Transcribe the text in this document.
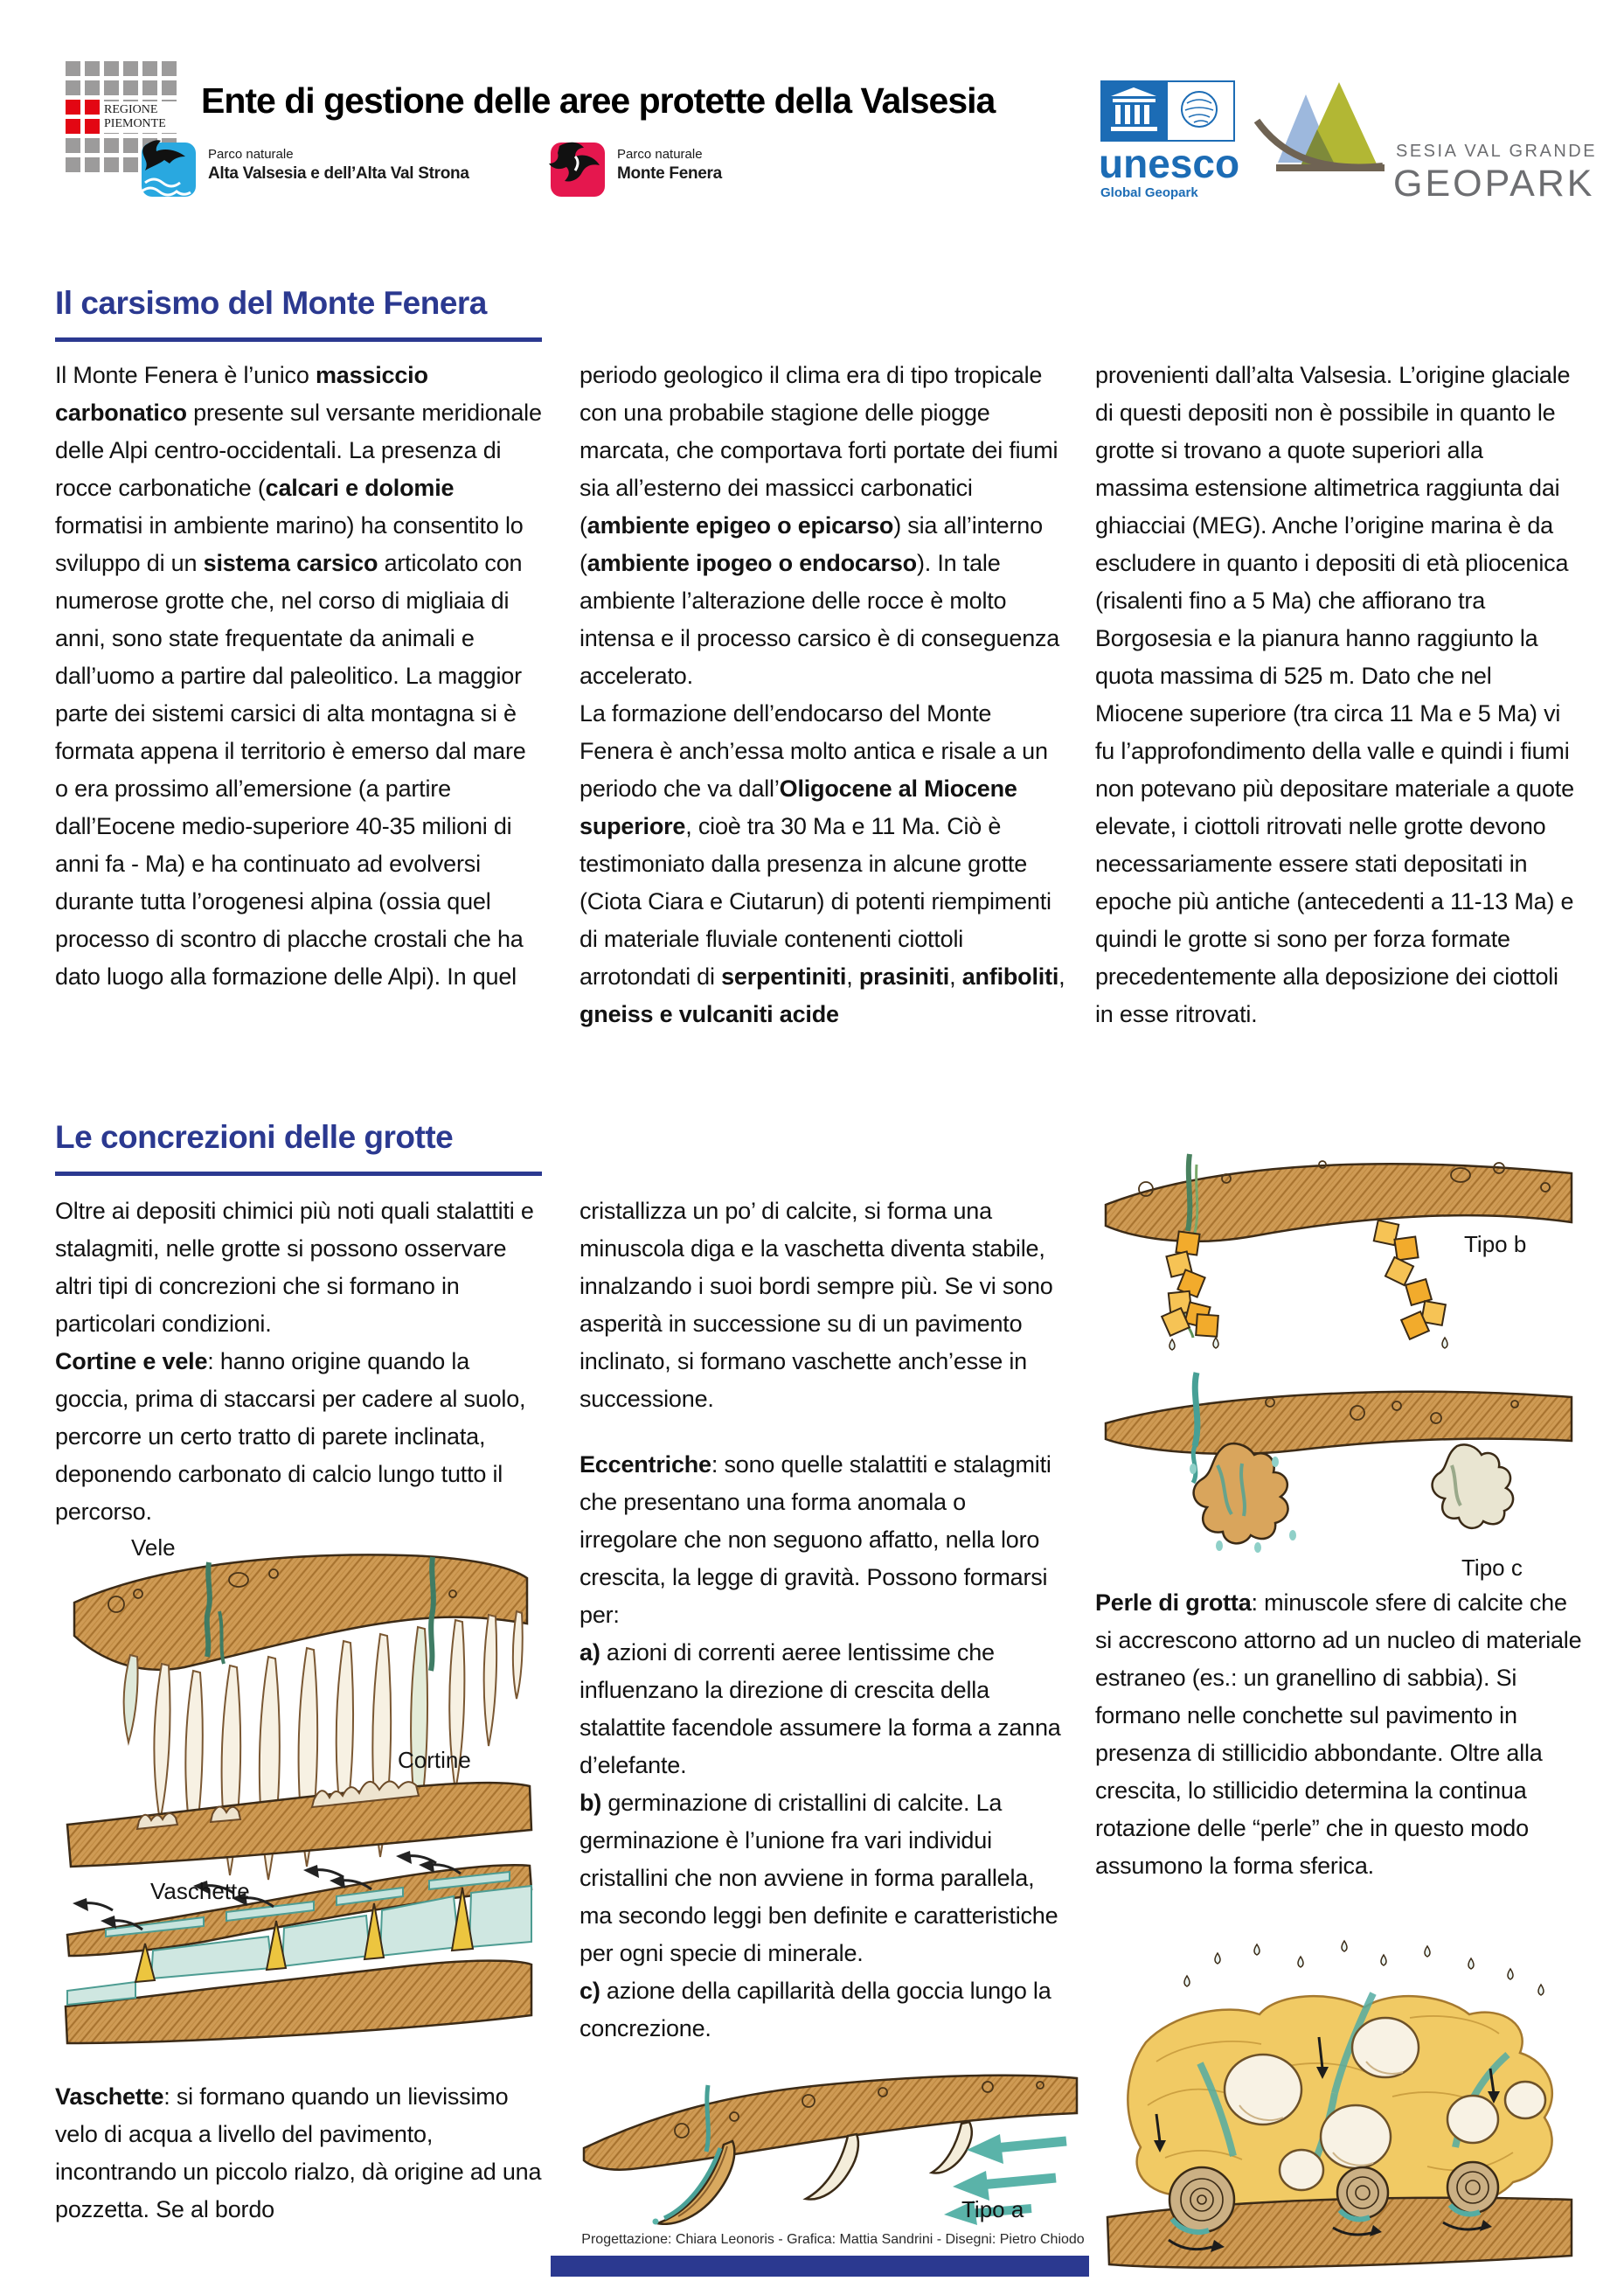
REGIONE
PIEMONTE
Ente di gestione delle aree protette della Valsesia
Parco naturale
Alta Valsesia e dell’Alta Val Strona
Parco naturale
Monte Fenera	unesco
Global Geopark
SESIA VAL GRANDE
GEOPARK
Il carsismo del Monte Fenera
Il Monte Fenera è l’unico massiccio carbonatico presente sul versante meridionale delle Alpi centro-occidentali. La presenza di rocce carbonatiche (calcari e dolomie formatisi in ambiente marino) ha consentito lo sviluppo di un sistema carsico articolato con numerose grotte che, nel corso di migliaia di anni, sono state frequentate da animali e dall’uomo a partire dal paleolitico. La maggior parte dei sistemi carsici di alta montagna si è formata appena il territorio è emerso dal mare o era prossimo all’emersione (a partire dall’Eocene medio-superiore 40-35 milioni di anni fa - Ma) e ha continuato ad evolversi durante tutta l’orogenesi alpina (ossia quel processo di scontro di placche crostali che ha dato luogo alla formazione delle Alpi). In quel
periodo geologico il clima era di tipo tropicale con una probabile stagione delle piogge marcata, che comportava forti portate dei fiumi sia all’esterno dei massicci carbonatici (ambiente epigeo o epicarso) sia all’interno (ambiente ipogeo o endocarso). In tale ambiente l’alterazione delle rocce è molto intensa e il processo carsico è di conseguenza accelerato.
La formazione dell’endocarso del Monte Fenera è anch’essa molto antica e risale a un periodo che va dall’Oligocene al Miocene superiore, cioè tra 30 Ma e 11 Ma. Ciò è testimoniato dalla presenza in alcune grotte (Ciota Ciara e Ciutarun) di potenti riempimenti di materiale fluviale contenenti ciottoli arrotondati di serpentiniti, prasiniti, anfiboliti, gneiss e vulcaniti acide
provenienti dall’alta Valsesia. L’origine glaciale di questi depositi non è possibile in quanto le grotte si trovano a quote superiori alla massima estensione altimetrica raggiunta dai ghiacciai (MEG). Anche l’origine marina è da escludere in quanto i depositi di età pliocenica (risalenti fino a 5 Ma) che affiorano tra Borgosesia e la pianura hanno raggiunto la quota massima di 525 m. Dato che nel Miocene superiore (tra circa 11 Ma e 5 Ma) vi fu l’approfondimento della valle e quindi i fiumi non potevano più depositare materiale a quote elevate, i ciottoli ritrovati nelle grotte devono necessariamente essere stati depositati in epoche più antiche (antecedenti a 11-13 Ma) e quindi le grotte si sono per forza formate precedentemente alla deposizione dei ciottoli in esse ritrovati.
Le concrezioni delle grotte
Oltre ai depositi chimici più noti quali stalattiti e stalagmiti, nelle grotte si possono osservare altri tipi di concrezioni che si formano in particolari condizioni.
Cortine e vele: hanno origine quando la goccia, prima di staccarsi per cadere al suolo, percorre un certo tratto di parete inclinata, deponendo carbonato di calcio lungo tutto il percorso.
Vele
Cortine
Vaschette
Vaschette: si formano quando un lievissimo velo di acqua a livello del pavimento, incontrando un piccolo rialzo, dà origine ad una pozzetta. Se al bordo
cristallizza un po’ di calcite, si forma una minuscola diga e la vaschetta diventa stabile, innalzando i suoi bordi sempre più. Se vi sono asperità in successione su di un pavimento inclinato, si formano vaschette anch’esse in successione.
Eccentriche: sono quelle stalattiti e stalagmiti che presentano una forma anomala o irregolare che non seguono affatto, nella loro crescita, la legge di gravità. Possono formarsi per:
a) azioni di correnti aeree lentissime che influenzano la direzione di crescita della stalattite facendole assumere la forma a zanna d’elefante.
b) germinazione di cristallini di calcite. La germinazione è l’unione fra vari individui cristallini che non avviene in forma parallela, ma secondo leggi ben definite e caratteristiche per ogni specie di minerale.
c) azione della capillarità della goccia lungo la concrezione.
Tipo a
Progettazione: Chiara Leonoris - Grafica: Mattia Sandrini - Disegni: Pietro Chiodo
Tipo b
Tipo c
Perle di grotta: minuscole sfere di calcite che si accrescono attorno ad un nucleo di materiale estraneo (es.: un granellino di sabbia). Si formano nelle conchette sul pavimento in presenza di stillicidio abbondante. Oltre alla crescita, lo stillicidio determina la continua rotazione delle “perle” che in questo modo assumono la forma sferica.
